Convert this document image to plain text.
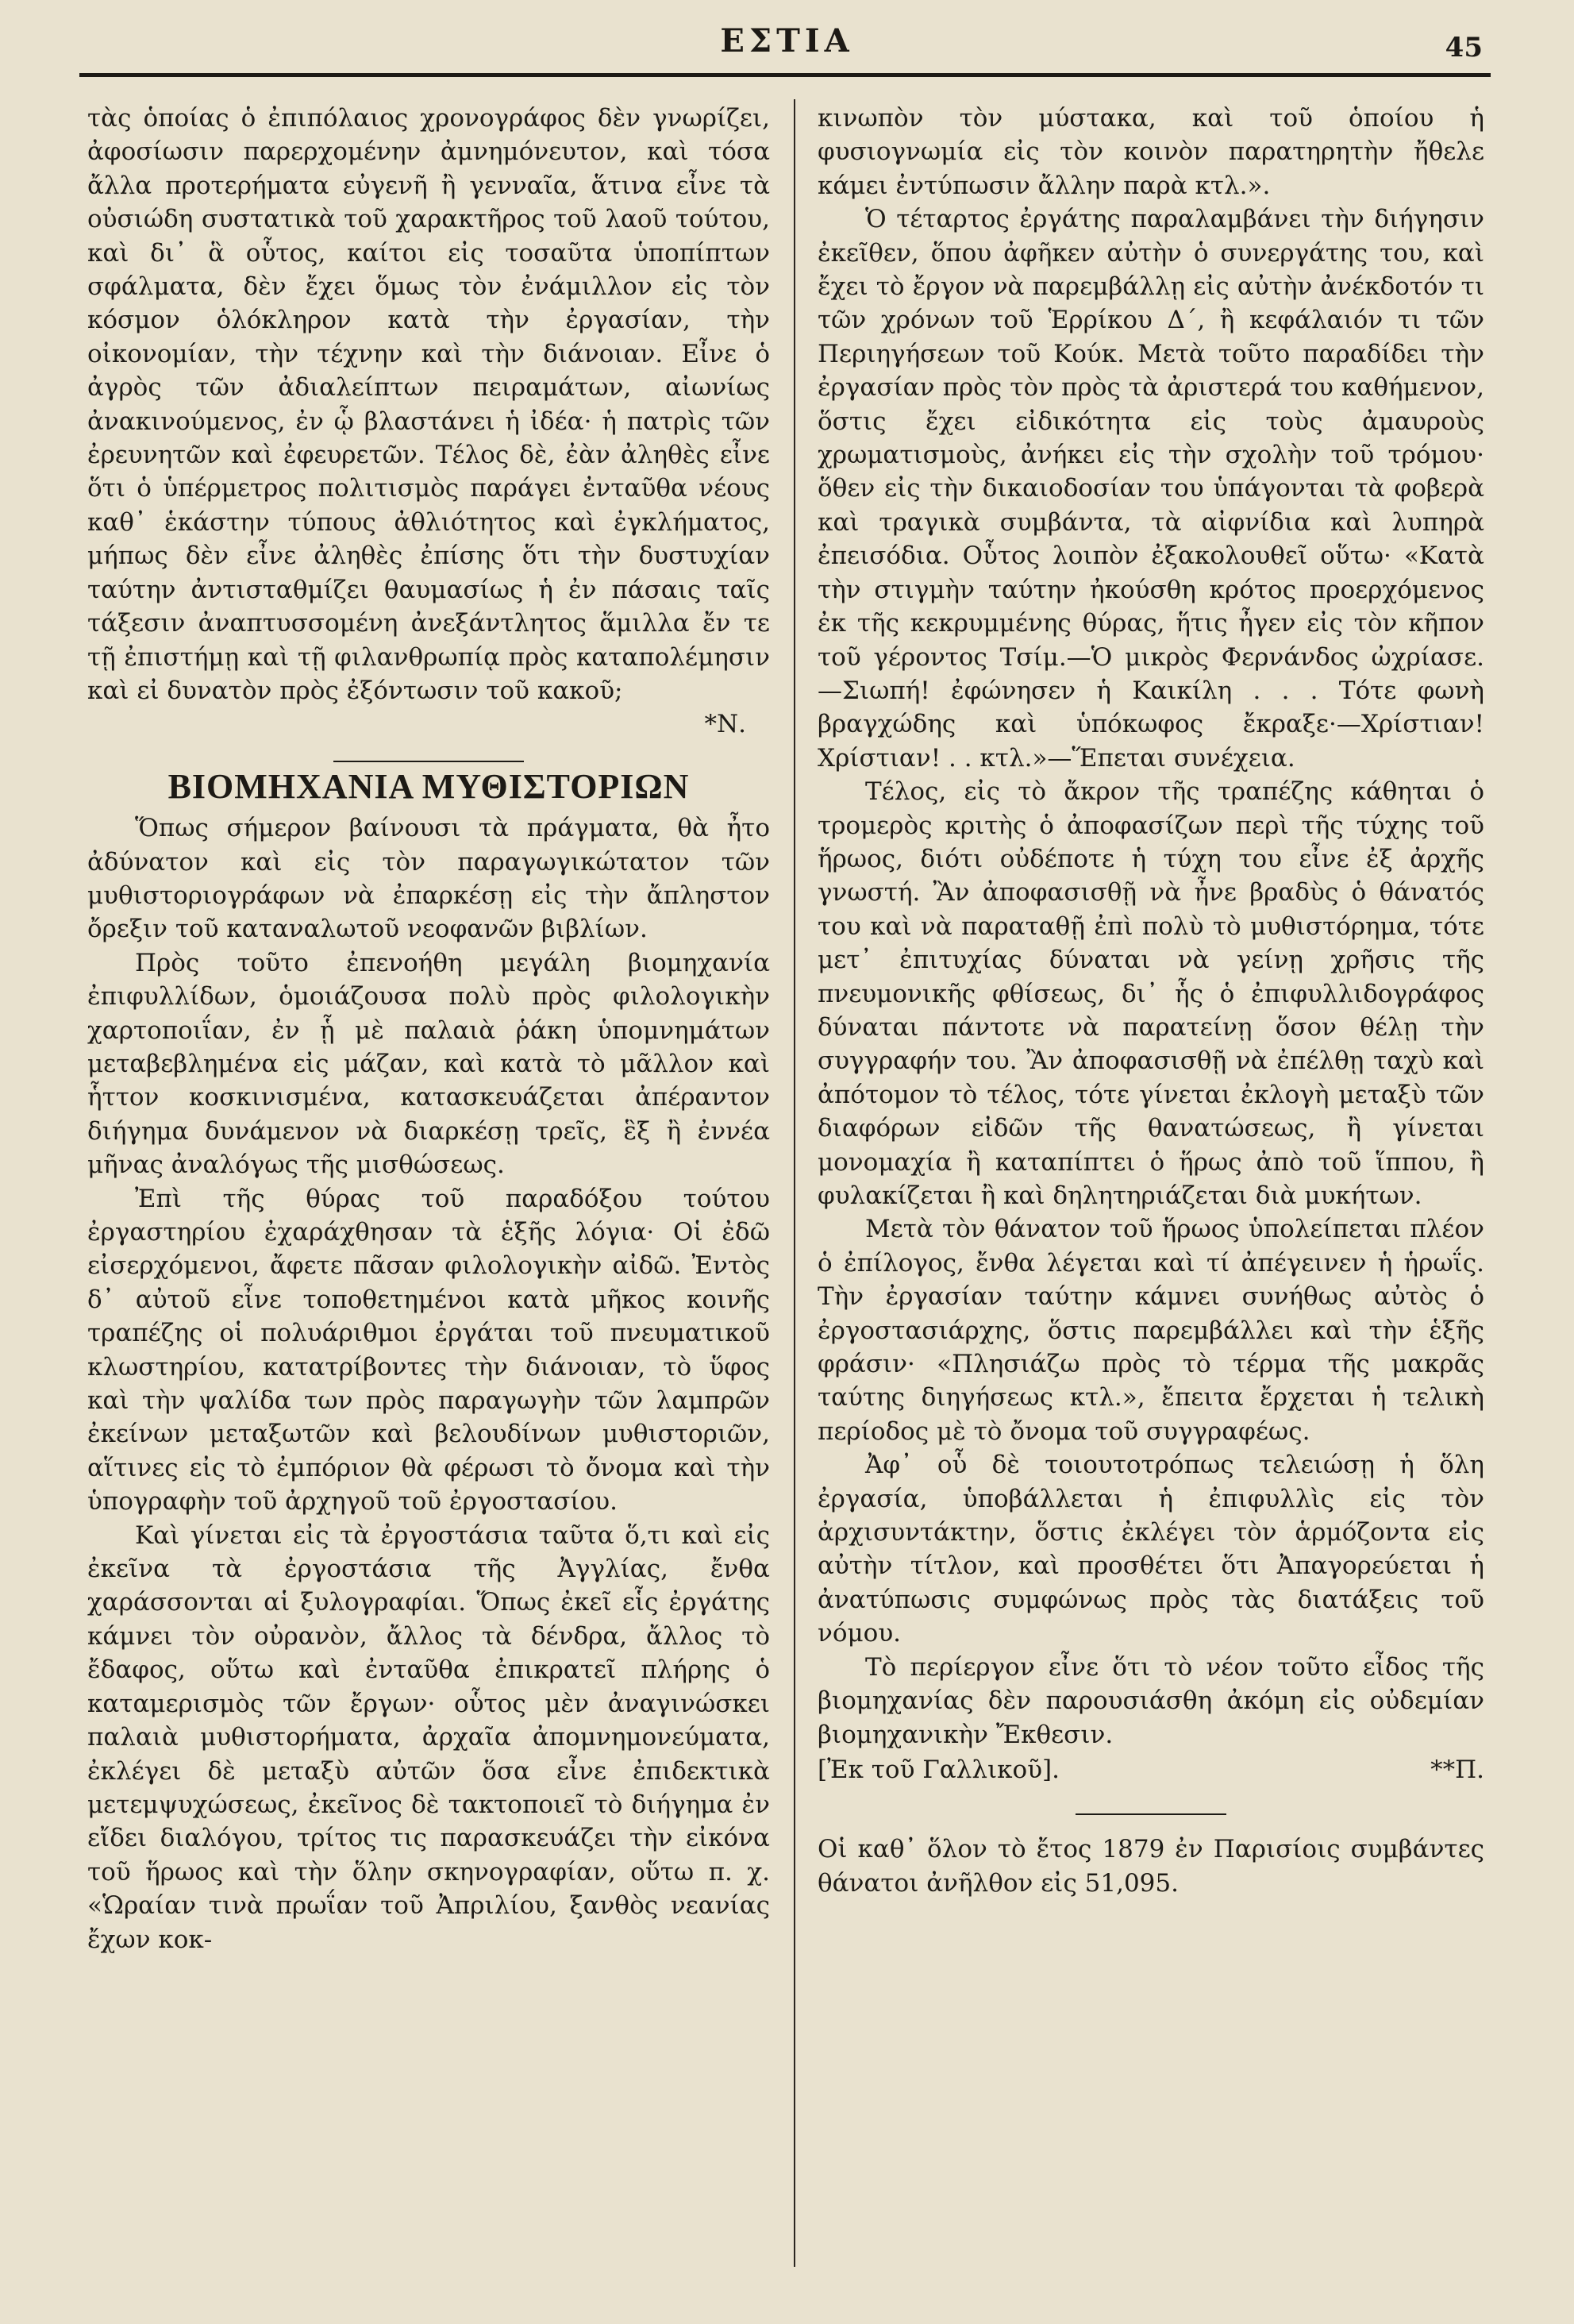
ΕΣΤΙΑ	45

τὰς ὁποίας ὁ ἐπιπόλαιος χρονογράφος δὲν γνωρίζει, ἀφοσίωσιν παρερχομένην ἀμνημόνευτον, καὶ τόσα ἄλλα προτερήματα εὐγενῆ ἢ γενναῖα, ἅτινα εἶνε τὰ οὐσιώδη συστατικὰ τοῦ χαρακτῆρος τοῦ λαοῦ τούτου, καὶ δι᾽ ἃ οὗτος, καίτοι εἰς τοσαῦτα ὑποπίπτων σφάλματα, δὲν ἔχει ὅμως τὸν ἐνάμιλλον εἰς τὸν κόσμον ὁλόκληρον κατὰ τὴν ἐργασίαν, τὴν οἰκονομίαν, τὴν τέχνην καὶ τὴν διάνοιαν. Εἶνε ὁ ἀγρὸς τῶν ἀδιαλείπτων πειραμάτων, αἰωνίως ἀνακινούμενος, ἐν ᾧ βλαστάνει ἡ ἰδέα· ἡ πατρὶς τῶν ἐρευνητῶν καὶ ἐφευρετῶν. Τέλος δὲ, ἐὰν ἀληθὲς εἶνε ὅτι ὁ ὑπέρμετρος πολιτισμὸς παράγει ἐνταῦθα νέους καθ᾽ ἑκάστην τύπους ἀθλιότητος καὶ ἐγκλήματος, μήπως δὲν εἶνε ἀληθὲς ἐπίσης ὅτι τὴν δυστυχίαν ταύτην ἀντισταθμίζει θαυμασίως ἡ ἐν πάσαις ταῖς τάξεσιν ἀναπτυσσομένη ἀνεξάντλητος ἅμιλλα ἔν τε τῇ ἐπιστήμῃ καὶ τῇ φιλανθρωπίᾳ πρὸς καταπολέμησιν καὶ εἰ δυνατὸν πρὸς ἐξόντωσιν τοῦ κακοῦ;

*Ν.

ΒΙΟΜΗΧΑΝΙΑ ΜΥΘΙΣΤΟΡΙΩΝ

Ὅπως σήμερον βαίνουσι τὰ πράγματα, θὰ ἦτο ἀδύνατον καὶ εἰς τὸν παραγωγικώτατον τῶν μυθιστοριογράφων νὰ ἐπαρκέσῃ εἰς τὴν ἄπληστον ὄρεξιν τοῦ καταναλωτοῦ νεοφανῶν βιβλίων.

Πρὸς τοῦτο ἐπενοήθη μεγάλη βιομηχανία ἐπιφυλλίδων, ὁμοιάζουσα πολὺ πρὸς φιλολογικὴν χαρτοποιΐαν, ἐν ᾗ μὲ παλαιὰ ῥάκη ὑπομνημάτων μεταβεβλημένα εἰς μάζαν, καὶ κατὰ τὸ μᾶλλον καὶ ἧττον κοσκινισμένα, κατασκευάζεται ἀπέραντον διήγημα δυνάμενον νὰ διαρκέσῃ τρεῖς, ἓξ ἢ ἐννέα μῆνας ἀναλόγως τῆς μισθώσεως.

Ἐπὶ τῆς θύρας τοῦ παραδόξου τούτου ἐργαστηρίου ἐχαράχθησαν τὰ ἑξῆς λόγια· Οἱ ἐδῶ εἰσερχόμενοι, ἄφετε πᾶσαν φιλολογικὴν αἰδῶ. Ἐντὸς δ᾽ αὐτοῦ εἶνε τοποθετημένοι κατὰ μῆκος κοινῆς τραπέζης οἱ πολυάριθμοι ἐργάται τοῦ πνευματικοῦ κλωστηρίου, κατατρίβοντες τὴν διάνοιαν, τὸ ὕφος καὶ τὴν ψαλίδα των πρὸς παραγωγὴν τῶν λαμπρῶν ἐκείνων μεταξωτῶν καὶ βελουδίνων μυθιστοριῶν, αἵτινες εἰς τὸ ἐμπόριον θὰ φέρωσι τὸ ὄνομα καὶ τὴν ὑπογραφὴν τοῦ ἀρχηγοῦ τοῦ ἐργοστασίου.

Καὶ γίνεται εἰς τὰ ἐργοστάσια ταῦτα ὅ,τι καὶ εἰς ἐκεῖνα τὰ ἐργοστάσια τῆς Ἀγγλίας, ἔνθα χαράσσονται αἱ ξυλογραφίαι. Ὅπως ἐκεῖ εἷς ἐργάτης κάμνει τὸν οὐρανὸν, ἄλλος τὰ δένδρα, ἄλλος τὸ ἔδαφος, οὕτω καὶ ἐνταῦθα ἐπικρατεῖ πλήρης ὁ καταμερισμὸς τῶν ἔργων· οὗτος μὲν ἀναγινώσκει παλαιὰ μυθιστορήματα, ἀρχαῖα ἀπομνημονεύματα, ἐκλέγει δὲ μεταξὺ αὐτῶν ὅσα εἶνε ἐπιδεκτικὰ μετεμψυχώσεως, ἐκεῖνος δὲ τακτοποιεῖ τὸ διήγημα ἐν εἴδει διαλόγου, τρίτος τις παρασκευάζει τὴν εἰκόνα τοῦ ἥρωος καὶ τὴν ὅλην σκηνογραφίαν, οὕτω π. χ. «Ὡραίαν τινὰ πρωΐαν τοῦ Ἀπριλίου, ξανθὸς νεανίας ἔχων κοκ-

κινωπὸν τὸν μύστακα, καὶ τοῦ ὁποίου ἡ φυσιογνωμία εἰς τὸν κοινὸν παρατηρητὴν ἤθελε κάμει ἐντύπωσιν ἄλλην παρὰ κτλ.».

Ὁ τέταρτος ἐργάτης παραλαμβάνει τὴν διήγησιν ἐκεῖθεν, ὅπου ἀφῆκεν αὐτὴν ὁ συνεργάτης του, καὶ ἔχει τὸ ἔργον νὰ παρεμβάλλῃ εἰς αὐτὴν ἀνέκδοτόν τι τῶν χρόνων τοῦ Ἑρρίκου Δ΄, ἢ κεφάλαιόν τι τῶν Περιηγήσεων τοῦ Κούκ. Μετὰ τοῦτο παραδίδει τὴν ἐργασίαν πρὸς τὸν πρὸς τὰ ἀριστερά του καθήμενον, ὅστις ἔχει εἰδικότητα εἰς τοὺς ἀμαυροὺς χρωματισμοὺς, ἀνήκει εἰς τὴν σχολὴν τοῦ τρόμου· ὅθεν εἰς τὴν δικαιοδοσίαν του ὑπάγονται τὰ φοβερὰ καὶ τραγικὰ συμβάντα, τὰ αἰφνίδια καὶ λυπηρὰ ἐπεισόδια. Οὗτος λοιπὸν ἐξακολουθεῖ οὕτω· «Κατὰ τὴν στιγμὴν ταύτην ἠκούσθη κρότος προερχόμενος ἐκ τῆς κεκρυμμένης θύρας, ἥτις ἦγεν εἰς τὸν κῆπον τοῦ γέροντος Τσίμ.—Ὁ μικρὸς Φερνάνδος ὠχρίασε.—Σιωπή! ἐφώνησεν ἡ Καικίλη . . . Τότε φωνὴ βραγχώδης καὶ ὑπόκωφος ἔκραξε·—Χρίστιαν! Χρίστιαν! . . κτλ.»—Ἕπεται συνέχεια.

Τέλος, εἰς τὸ ἄκρον τῆς τραπέζης κάθηται ὁ τρομερὸς κριτὴς ὁ ἀποφασίζων περὶ τῆς τύχης τοῦ ἥρωος, διότι οὐδέποτε ἡ τύχη του εἶνε ἐξ ἀρχῆς γνωστή. Ἂν ἀποφασισθῇ νὰ ἦνε βραδὺς ὁ θάνατός του καὶ νὰ παραταθῇ ἐπὶ πολὺ τὸ μυθιστόρημα, τότε μετ᾽ ἐπιτυχίας δύναται νὰ γείνῃ χρῆσις τῆς πνευμονικῆς φθίσεως, δι᾽ ἧς ὁ ἐπιφυλλιδογράφος δύναται πάντοτε νὰ παρατείνῃ ὅσον θέλῃ τὴν συγγραφήν του. Ἂν ἀποφασισθῇ νὰ ἐπέλθῃ ταχὺ καὶ ἀπότομον τὸ τέλος, τότε γίνεται ἐκλογὴ μεταξὺ τῶν διαφόρων εἰδῶν τῆς θανατώσεως, ἢ γίνεται μονομαχία ἢ καταπίπτει ὁ ἥρως ἀπὸ τοῦ ἵππου, ἢ φυλακίζεται ἢ καὶ δηλητηριάζεται διὰ μυκήτων.

Μετὰ τὸν θάνατον τοῦ ἥρωος ὑπολείπεται πλέον ὁ ἐπίλογος, ἔνθα λέγεται καὶ τί ἀπέγεινεν ἡ ἡρωΐς. Τὴν ἐργασίαν ταύτην κάμνει συνήθως αὐτὸς ὁ ἐργοστασιάρχης, ὅστις παρεμβάλλει καὶ τὴν ἑξῆς φράσιν· «Πλησιάζω πρὸς τὸ τέρμα τῆς μακρᾶς ταύτης διηγήσεως κτλ.», ἔπειτα ἔρχεται ἡ τελικὴ περίοδος μὲ τὸ ὄνομα τοῦ συγγραφέως.

Ἀφ᾽ οὗ δὲ τοιουτοτρόπως τελειώσῃ ἡ ὅλη ἐργασία, ὑποβάλλεται ἡ ἐπιφυλλὶς εἰς τὸν ἀρχισυντάκτην, ὅστις ἐκλέγει τὸν ἁρμόζοντα εἰς αὐτὴν τίτλον, καὶ προσθέτει ὅτι Ἀπαγορεύεται ἡ ἀνατύπωσις συμφώνως πρὸς τὰς διατάξεις τοῦ νόμου.

Τὸ περίεργον εἶνε ὅτι τὸ νέον τοῦτο εἶδος τῆς βιομηχανίας δὲν παρουσιάσθη ἀκόμη εἰς οὐδεμίαν βιομηχανικὴν Ἔκθεσιν.

[Ἐκ τοῦ Γαλλικοῦ].	**Π.

Οἱ καθ᾽ ὅλον τὸ ἔτος 1879 ἐν Παρισίοις συμβάντες θάνατοι ἀνῆλθον εἰς 51,095.
